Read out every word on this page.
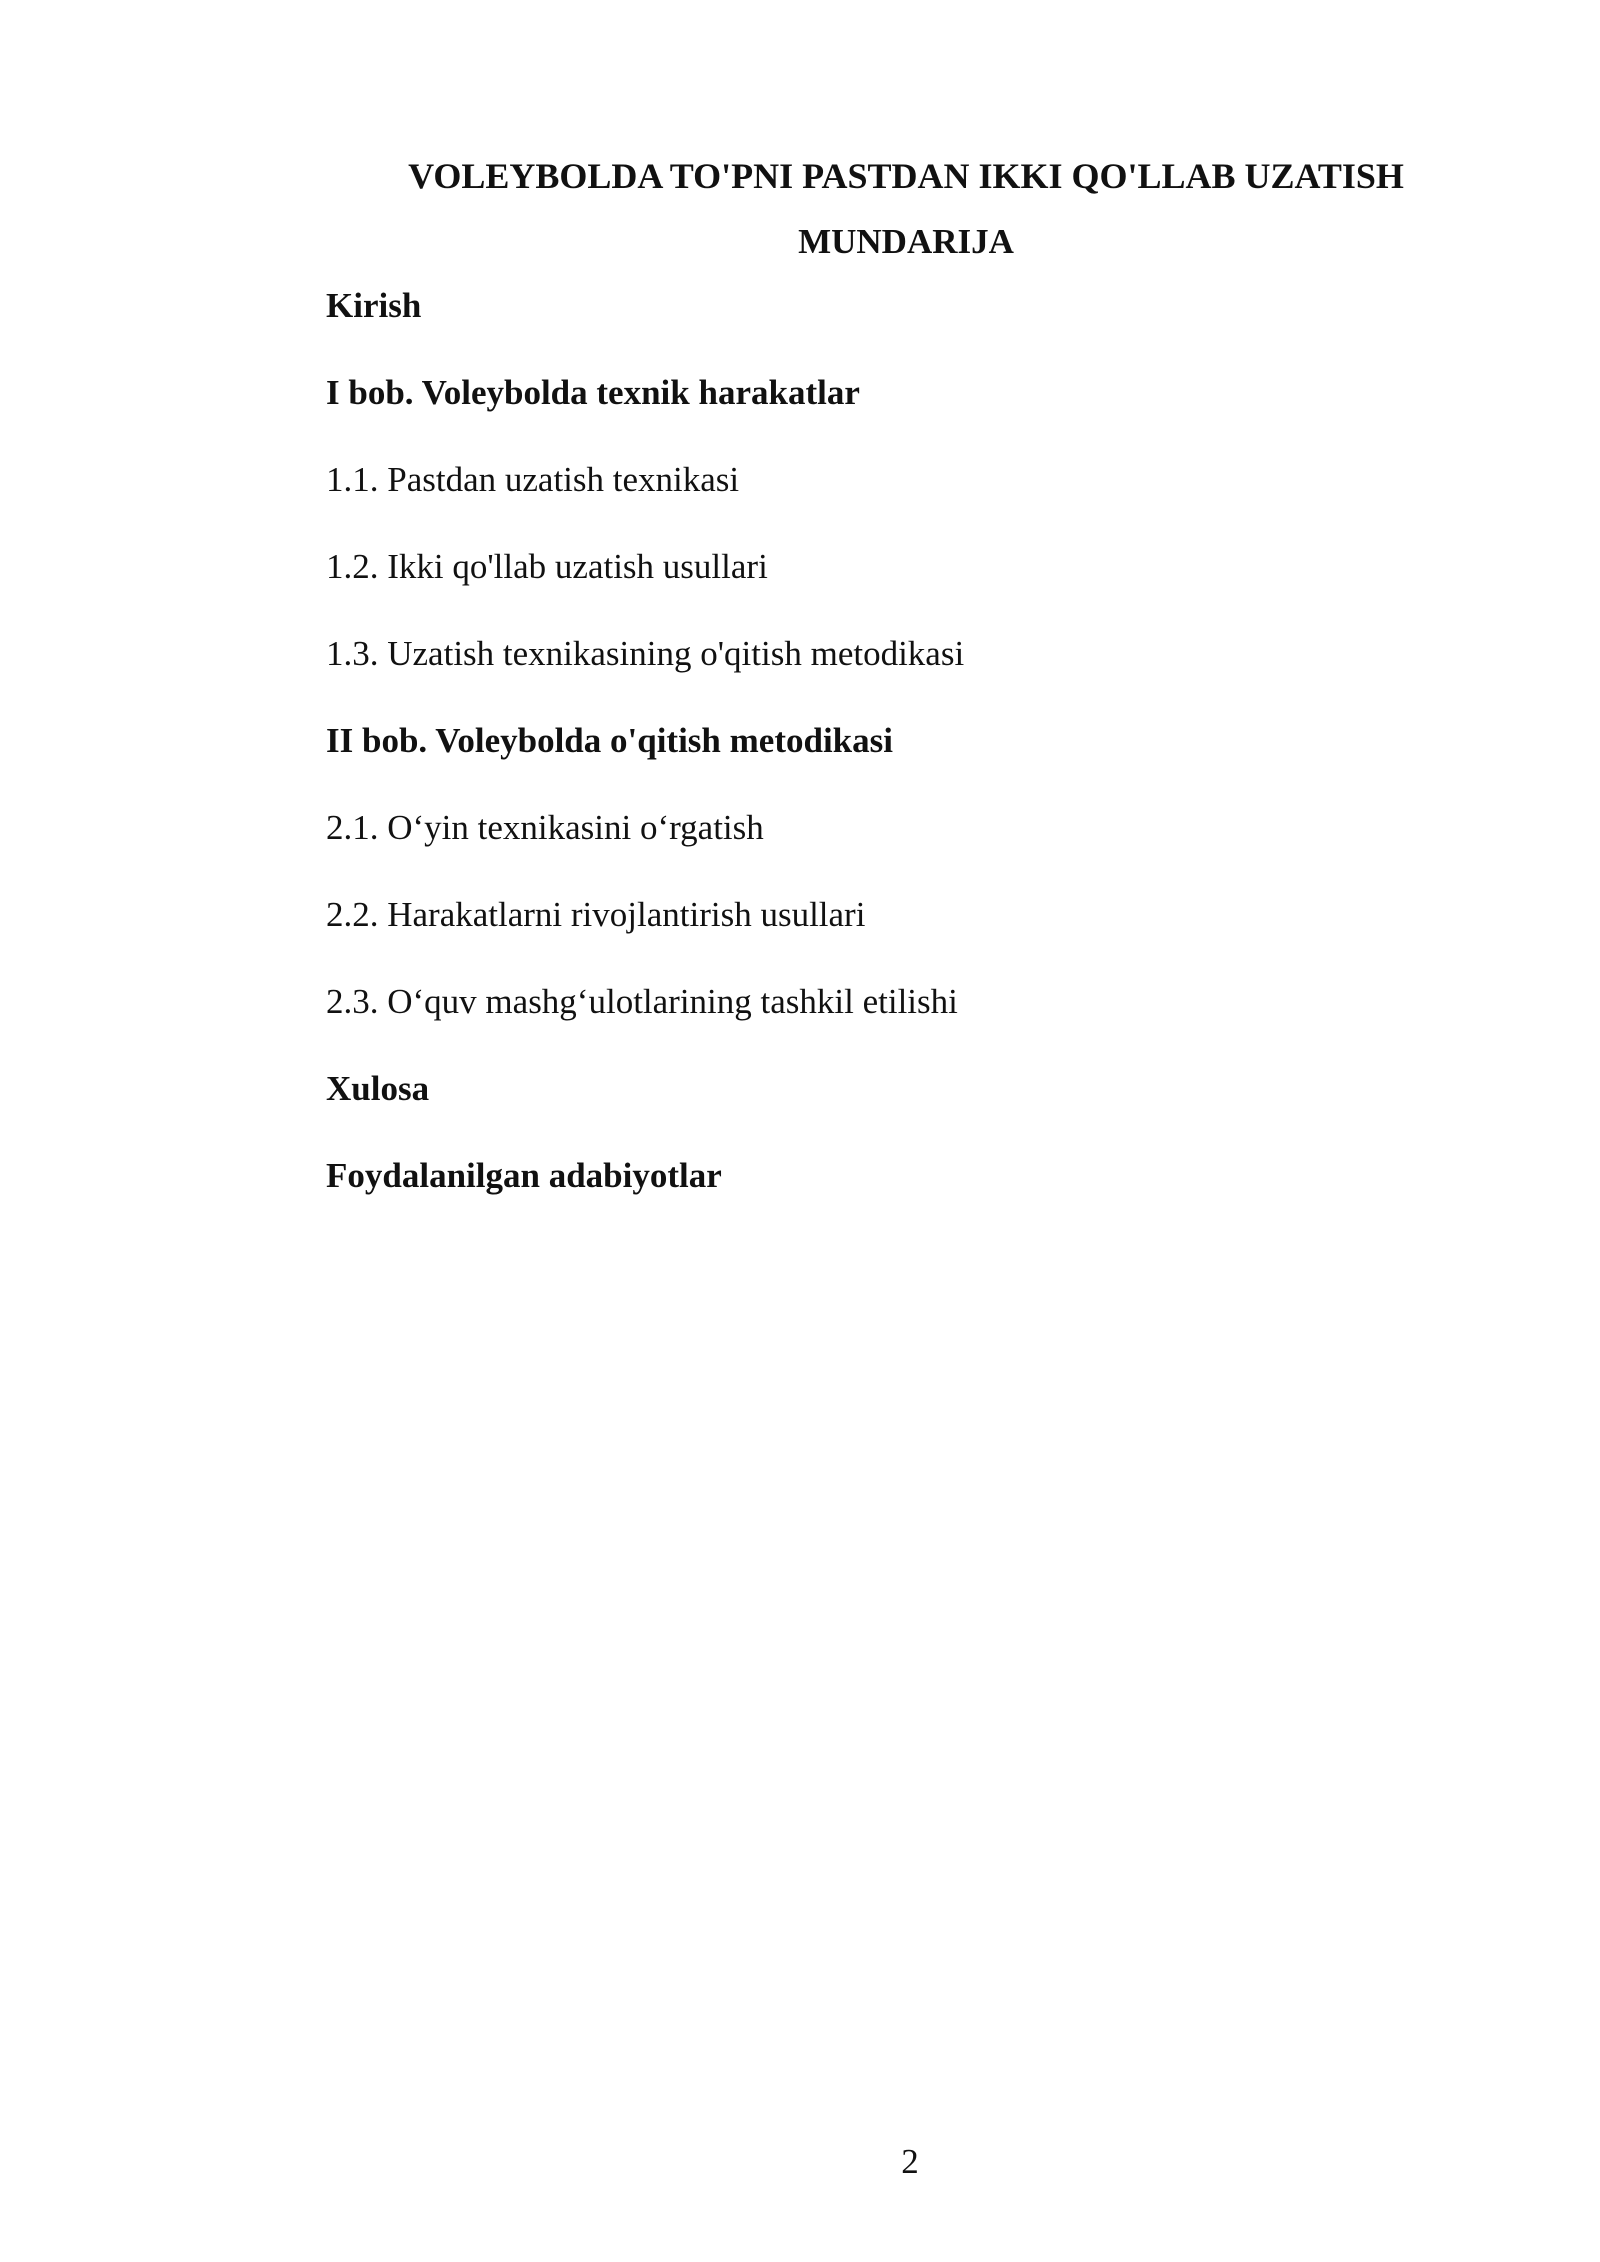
VOLEYBOLDA TO'PNI PASTDAN IKKI QO'LLAB UZATISH
MUNDARIJA
Kirish
I bob. Voleybolda texnik harakatlar
1.1. Pastdan uzatish texnikasi
1.2. Ikki qo'llab uzatish usullari
1.3. Uzatish texnikasining o'qitish metodikasi
II bob. Voleybolda o'qitish metodikasi
2.1. O‘yin texnikasini o‘rgatish
2.2. Harakatlarni rivojlantirish usullari
2.3. O‘quv mashg‘ulotlarining tashkil etilishi
Xulosa
Foydalanilgan adabiyotlar

2
